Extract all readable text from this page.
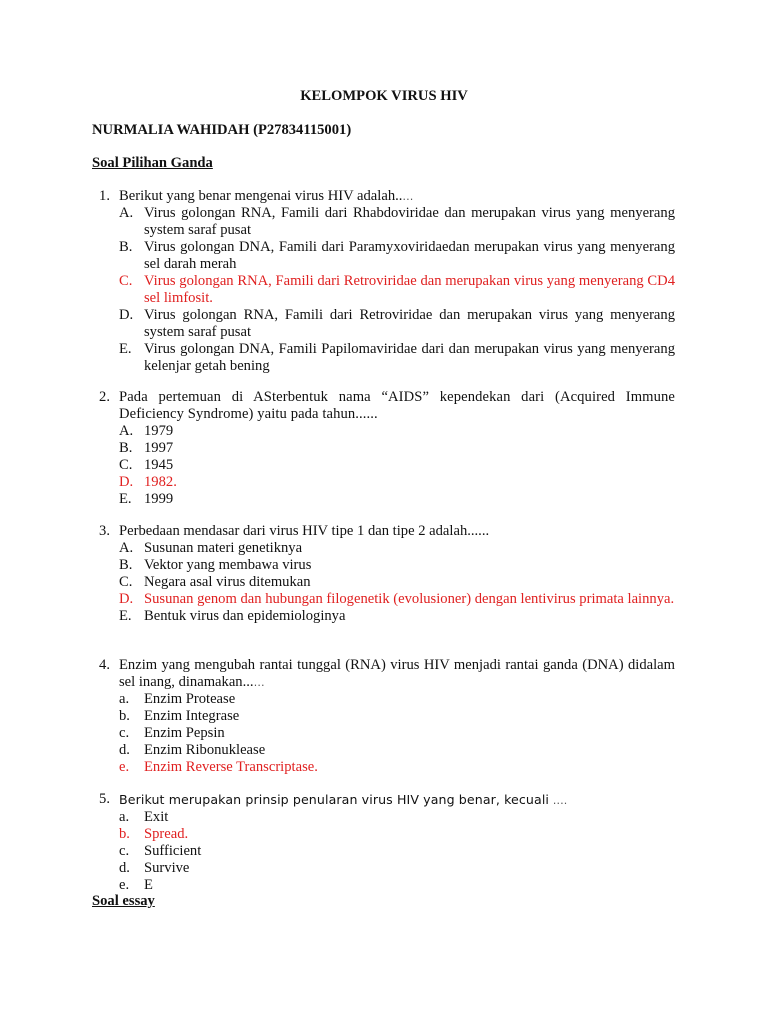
KELOMPOK VIRUS HIV
NURMALIA WAHIDAH (P27834115001)
Soal Pilihan Ganda
1. Berikut yang benar mengenai virus HIV adalah..…
A. Virus golongan RNA, Famili dari Rhabdoviridae dan merupakan virus yang menyerang system saraf pusat
B. Virus golongan DNA, Famili dari Paramyxoviridaedan merupakan virus yang menyerang sel darah merah
C. Virus golongan RNA, Famili dari Retroviridae dan merupakan virus yang menyerang CD4 sel limfosit.
D. Virus golongan RNA, Famili dari Retroviridae dan merupakan virus yang menyerang system saraf pusat
E. Virus golongan DNA, Famili Papilomaviridae dari dan merupakan virus yang menyerang kelenjar getah bening
2. Pada pertemuan di ASterbentuk nama “AIDS” kependekan dari (Acquired Immune Deficiency Syndrome) yaitu pada tahun......
A. 1979
B. 1997
C. 1945
D. 1982.
E. 1999
3. Perbedaan mendasar dari virus HIV tipe 1 dan tipe 2 adalah......
A. Susunan materi genetiknya
B. Vektor yang membawa virus
C. Negara asal virus ditemukan
D. Susunan genom dan hubungan filogenetik (evolusioner) dengan lentivirus primata lainnya.
E. Bentuk virus dan epidemiologinya
4. Enzim yang mengubah rantai tunggal (RNA) virus HIV menjadi rantai ganda (DNA) didalam sel inang, dinamakan...…
a. Enzim Protease
b. Enzim Integrase
c. Enzim Pepsin
d. Enzim Ribonuklease
e. Enzim Reverse Transcriptase.
5. Berikut merupakan prinsip penularan virus HIV yang benar, kecuali ….
a. Exit
b. Spread.
c. Sufficient
d. Survive
e. E
Soal essay
